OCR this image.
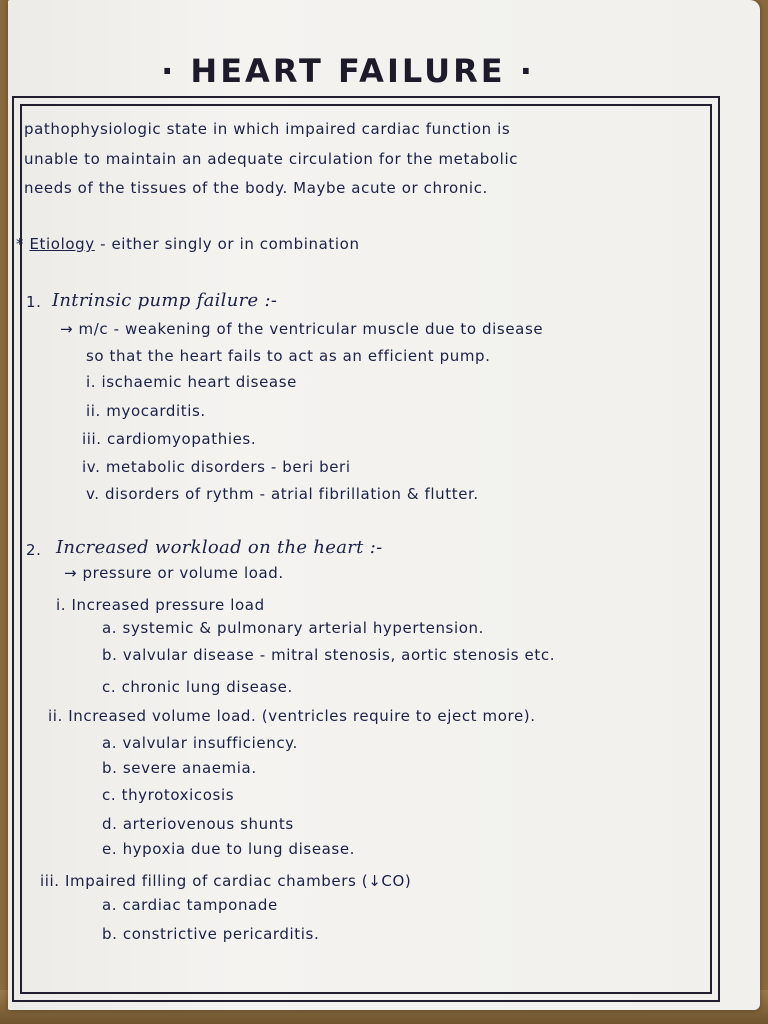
· HEART FAILURE ·

pathophysiologic state in which impaired cardiac function is

unable to maintain an adequate circulation for the metabolic

needs of the tissues of the body. Maybe acute or chronic.

* Etiology - either singly or in combination

1. Intrinsic pump failure :-

→ m/c - weakening of the ventricular muscle due to disease

so that the heart fails to act as an efficient pump.

i. ischaemic heart disease

ii. myocarditis.

iii. cardiomyopathies.

iv. metabolic disorders - beri beri

v. disorders of rythm - atrial fibrillation & flutter.

2. Increased workload on the heart :-

→ pressure or volume load.

i. Increased pressure load

a. systemic & pulmonary arterial hypertension.

b. valvular disease - mitral stenosis, aortic stenosis etc.

c. chronic lung disease.

ii. Increased volume load. (ventricles require to eject more).

a. valvular insufficiency.

b. severe anaemia.

c. thyrotoxicosis

d. arteriovenous shunts

e. hypoxia due to lung disease.

iii. Impaired filling of cardiac chambers (↓CO)

a. cardiac tamponade

b. constrictive pericarditis.
